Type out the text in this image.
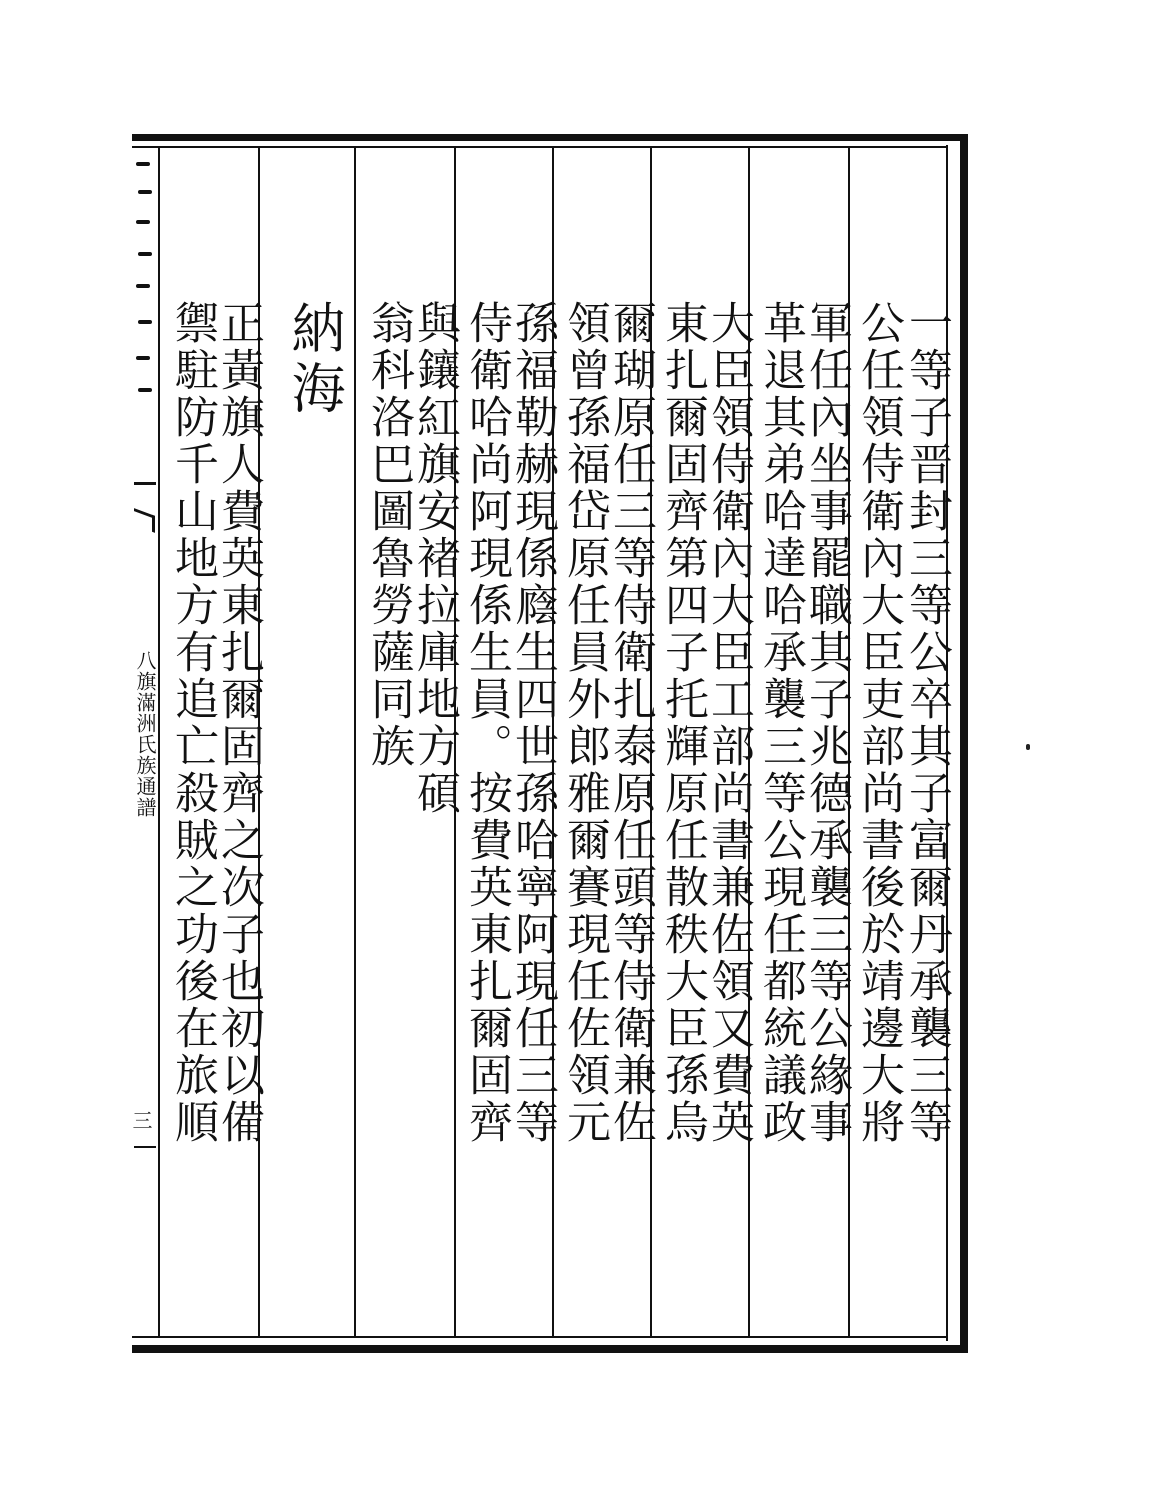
一等子晋封三等公卒其子富爾丹承襲三等
公任領侍衛內大臣吏部尚書後於靖邊大將
軍任內坐事罷職其子兆德承襲三等公緣事
革退其弟哈達哈承襲三等公現任都統議政
大臣領侍衛內大臣工部尚書兼佐領又費英
東扎爾固齊第四子托輝原任散秩大臣孫烏
爾瑚原任三等侍衛扎泰原任頭等侍衛兼佐
領曾孫福岱原任員外郎雅爾賽現任佐領元
孫福勒赫現係廕生四世孫哈寧阿現任三等
侍衛哈尚阿現係生員。按費英東扎爾固齊
與鑲紅旗安褚拉庫地方碩
翁科洛巴圖魯勞薩同族
納海
正黃旗人費英東扎爾固齊之次子也初以備
禦駐防千山地方有追亡殺賊之功後在旅順
八旗滿洲氏族通譜
三
